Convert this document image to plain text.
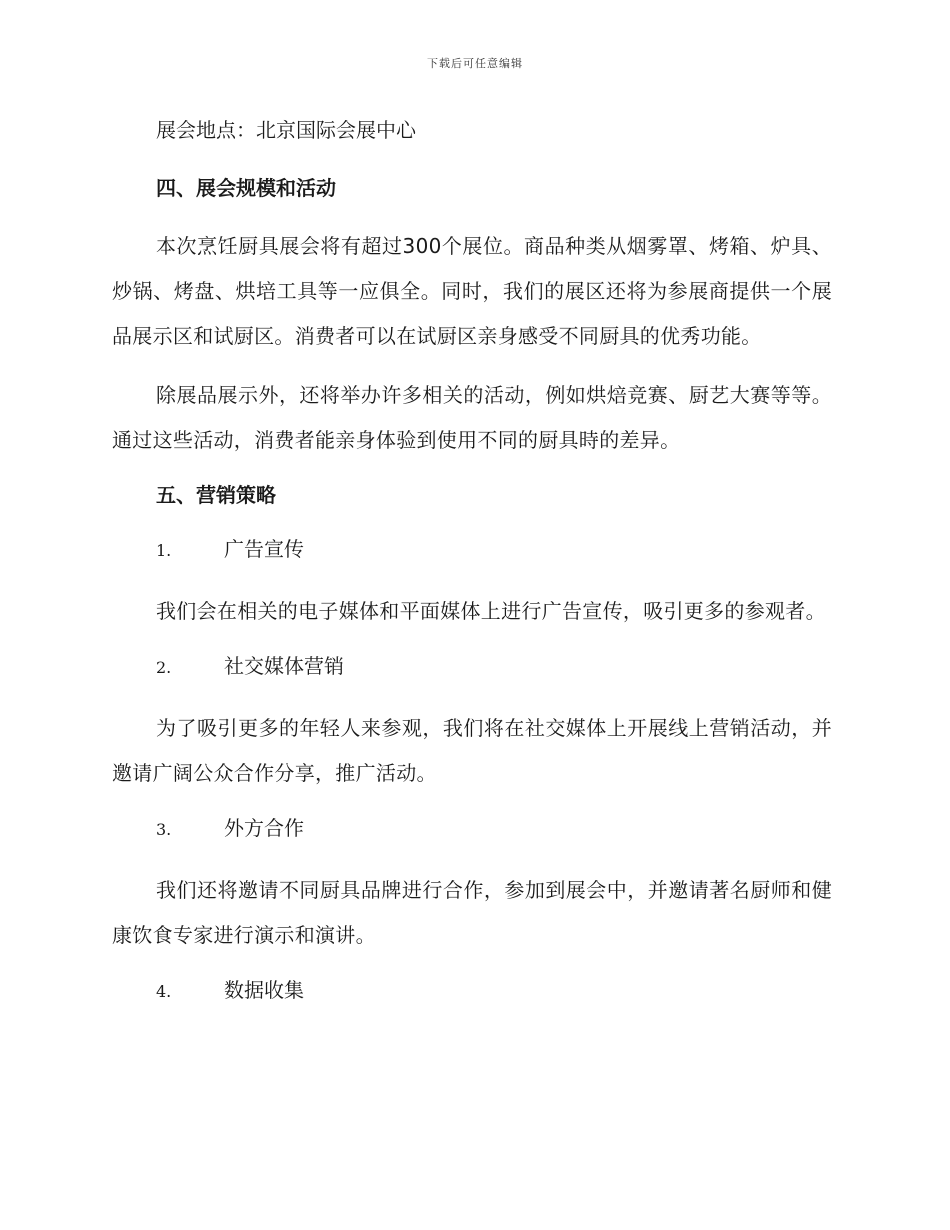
下载后可任意编辑
展会地点：北京国际会展中心
四、展会规模和活动

本次烹饪厨具展会将有超过300个展位。商品种类从烟雾罩、烤箱、炉具、炒锅、烤盘、烘培工具等一应俱全。同时，我们的展区还将为参展商提供一个展品展示区和试厨区。消费者可以在试厨区亲身感受不同厨具的优秀功能。

除展品展示外，还将举办许多相关的活动，例如烘焙竞赛、厨艺大赛等等。通过这些活动，消费者能亲身体验到使用不同的厨具時的差异。

五、营销策略
1.	广告宣传

我们会在相关的电子媒体和平面媒体上进行广告宣传，吸引更多的参观者。

2.	社交媒体营销

为了吸引更多的年轻人来参观，我们将在社交媒体上开展线上营销活动，并邀请广阔公众合作分享，推广活动。

3.	外方合作

我们还将邀请不同厨具品牌进行合作，参加到展会中，并邀请著名厨师和健康饮食专家进行演示和演讲。

4.	数据收集
